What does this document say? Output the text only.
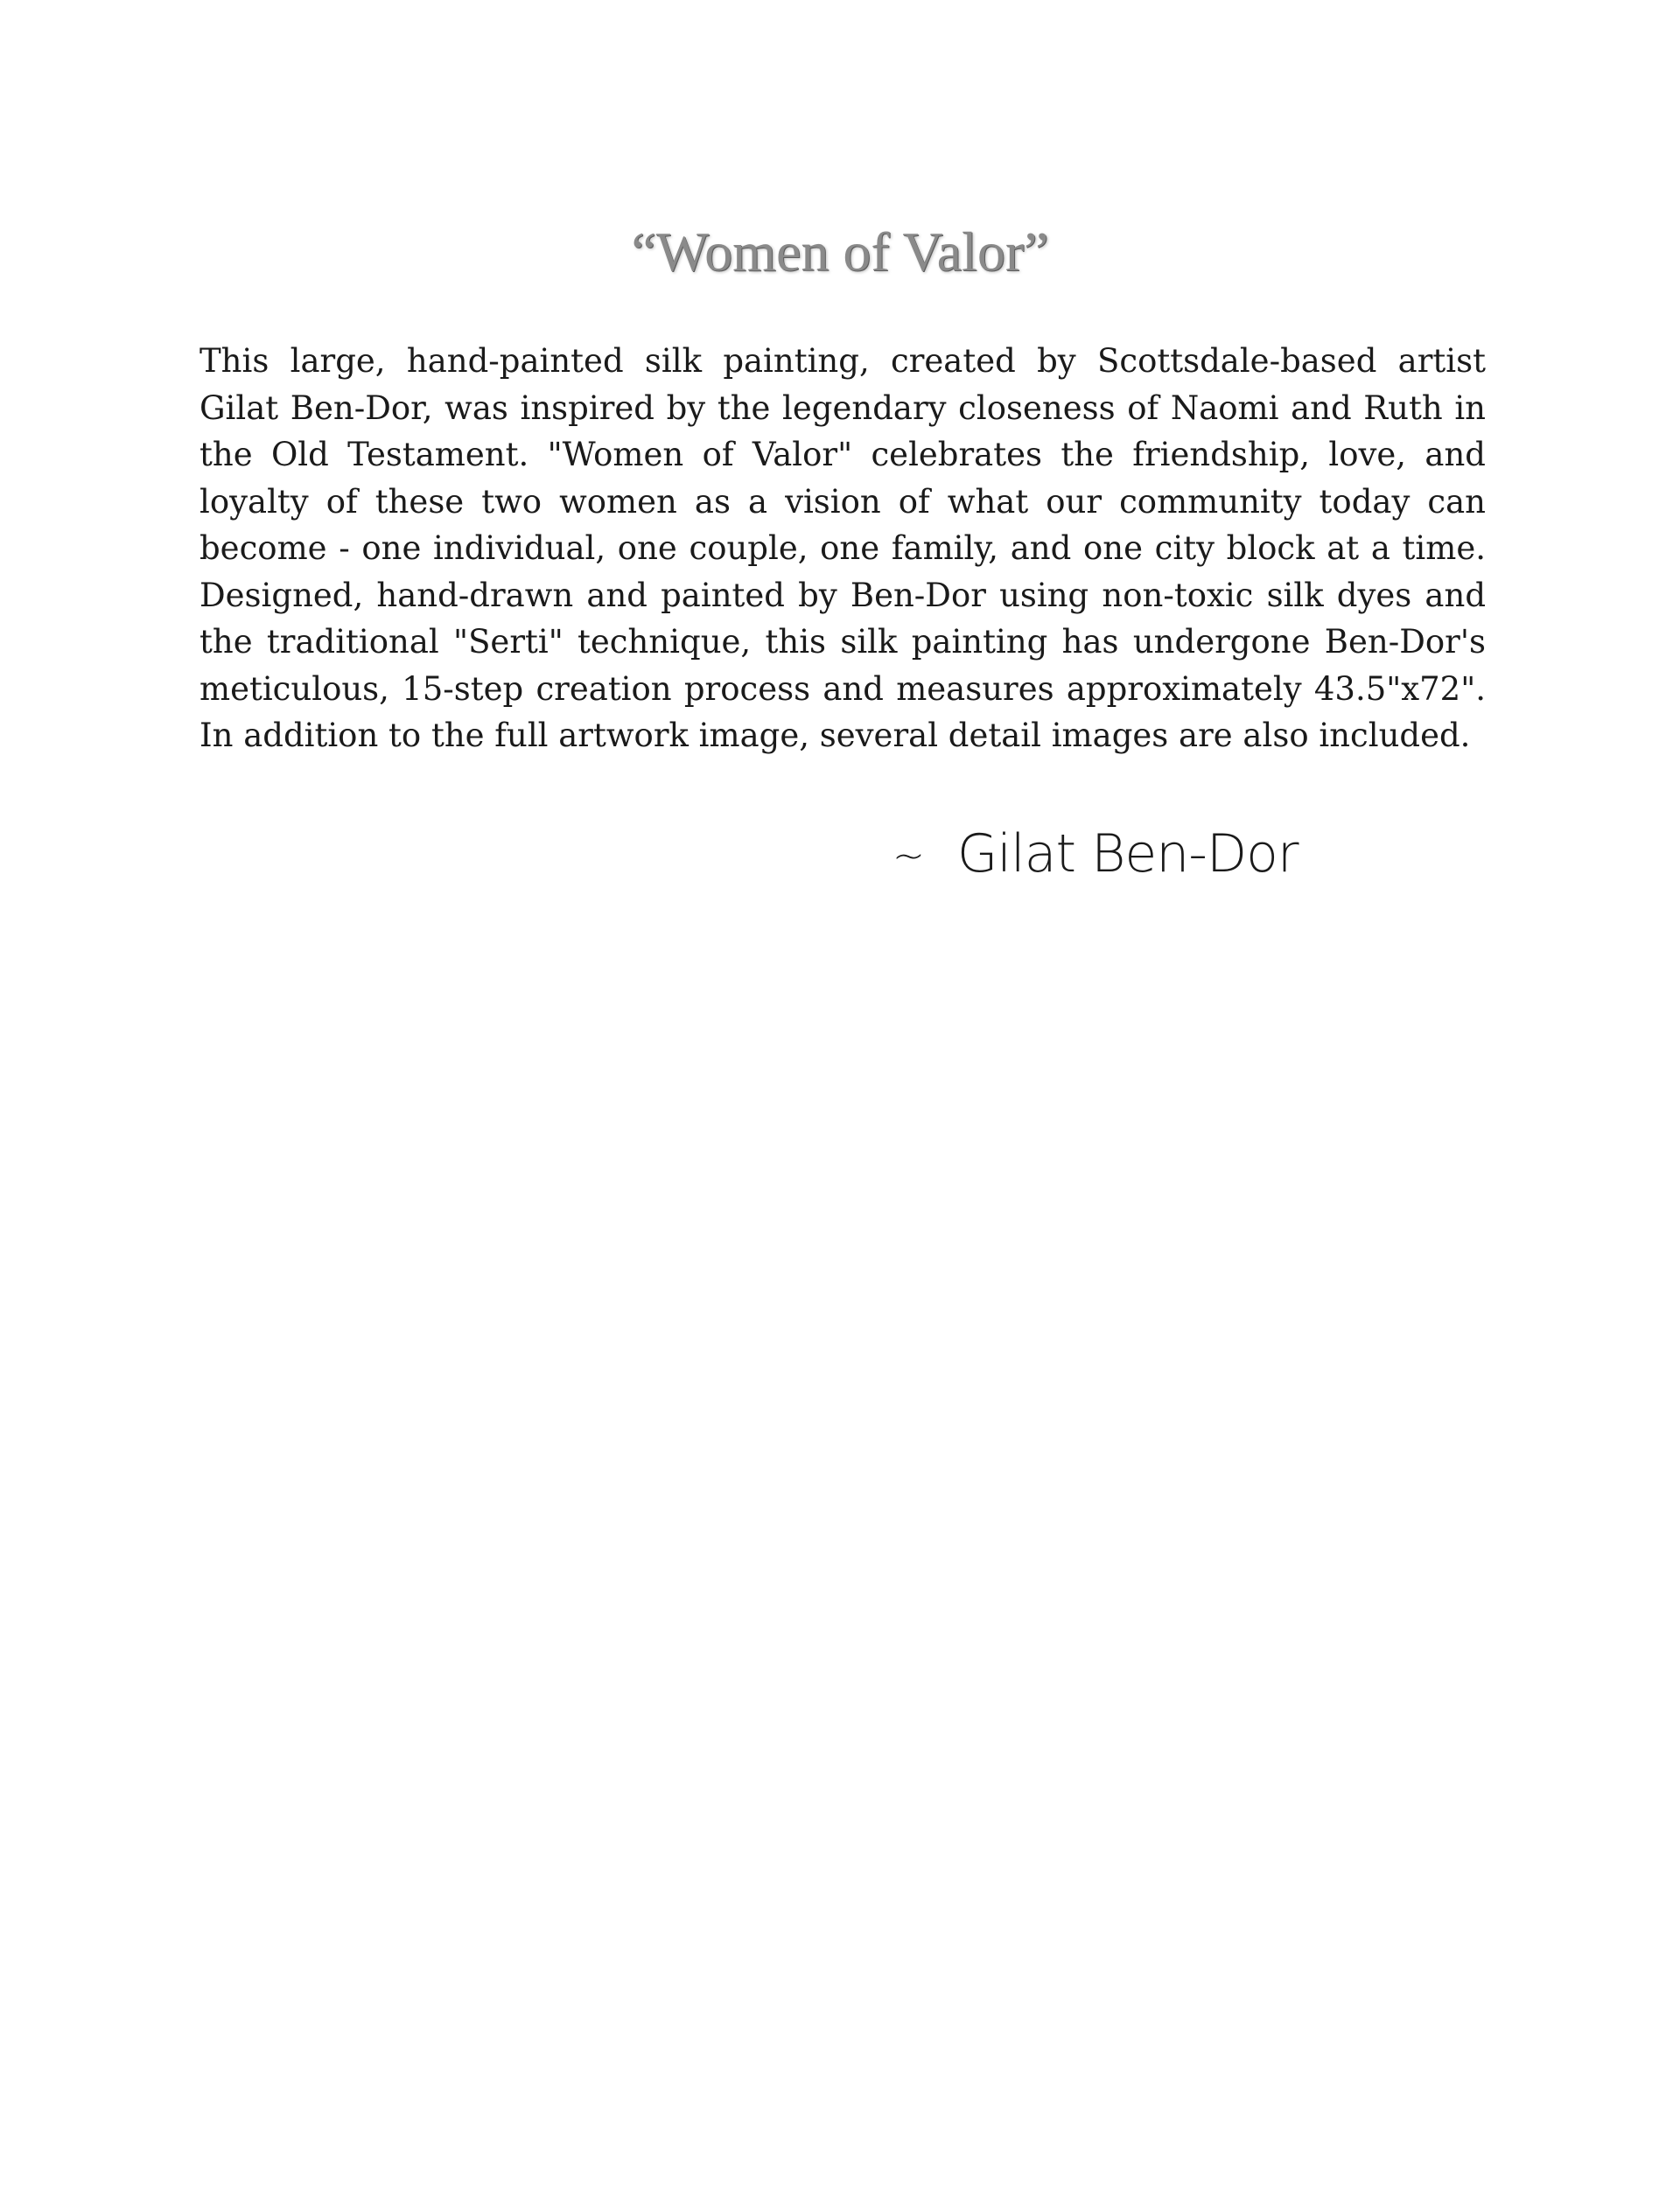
“Women of Valor”

This large, hand-painted silk painting, created by Scottsdale-based artist Gilat Ben-Dor, was inspired by the legendary closeness of Naomi and Ruth in the Old Testament. "Women of Valor" celebrates the friendship, love, and loyalty of these two women as a vision of what our community today can become - one individual, one couple, one family, and one city block at a time. Designed, hand-drawn and painted by Ben-Dor using non-toxic silk dyes and the traditional "Serti" technique, this silk painting has undergone Ben-Dor's meticulous, 15-step creation process and measures approximately 43.5"x72". In addition to the full artwork image, several detail images are also included.

~ Gilat Ben-Dor
